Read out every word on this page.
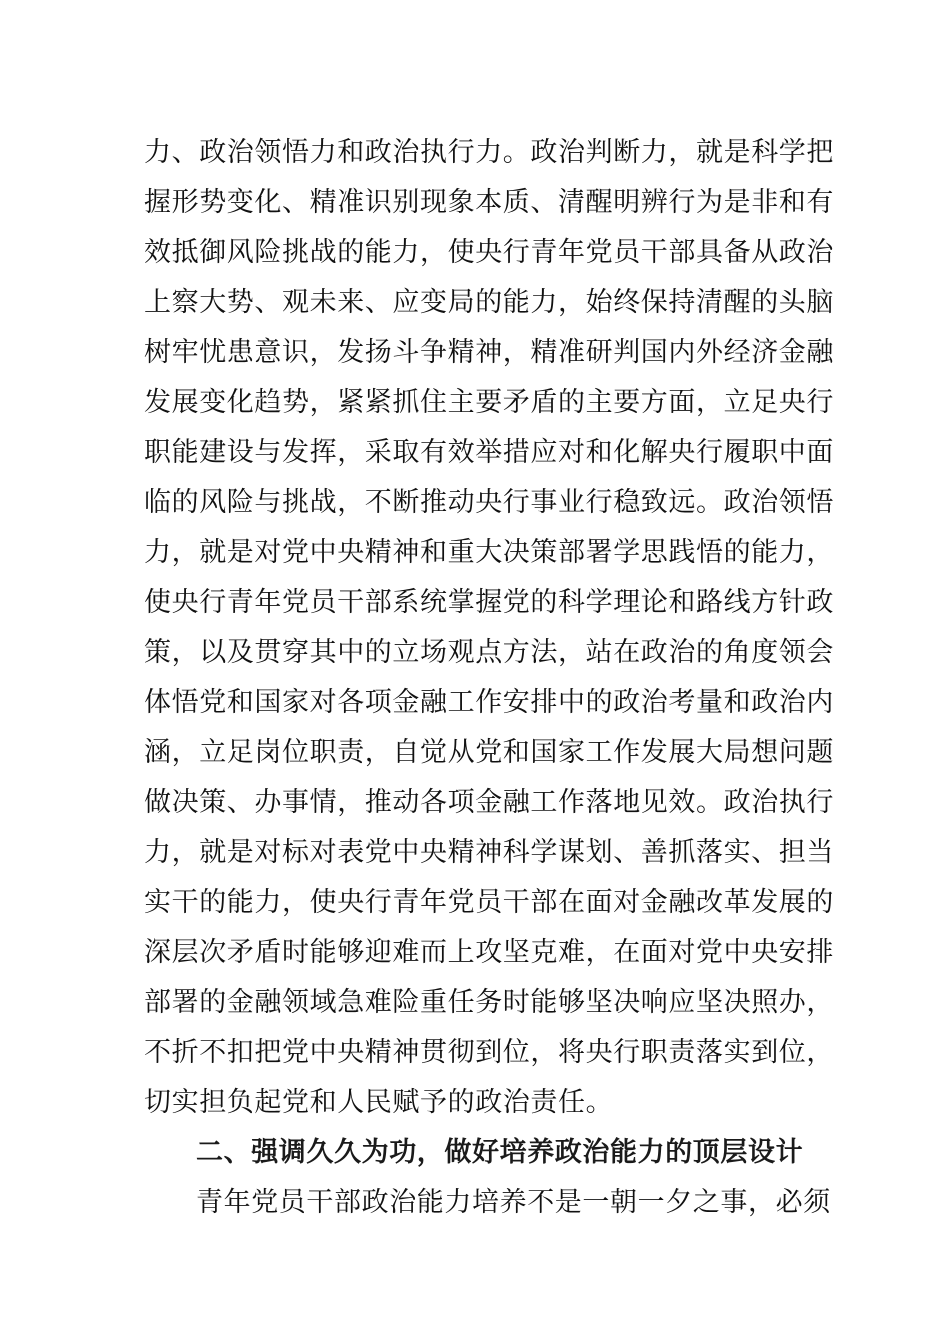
力、政治领悟力和政治执行力。政治判断力，就是科学把
握形势变化、精准识别现象本质、清醒明辨行为是非和有
效抵御风险挑战的能力，使央行青年党员干部具备从政治
上察大势、观未来、应变局的能力，始终保持清醒的头脑
树牢忧患意识，发扬斗争精神，精准研判国内外经济金融
发展变化趋势，紧紧抓住主要矛盾的主要方面，立足央行
职能建设与发挥，采取有效举措应对和化解央行履职中面
临的风险与挑战，不断推动央行事业行稳致远。政治领悟
力，就是对党中央精神和重大决策部署学思践悟的能力，
使央行青年党员干部系统掌握党的科学理论和路线方针政
策，以及贯穿其中的立场观点方法，站在政治的角度领会
体悟党和国家对各项金融工作安排中的政治考量和政治内
涵，立足岗位职责，自觉从党和国家工作发展大局想问题
做决策、办事情，推动各项金融工作落地见效。政治执行
力，就是对标对表党中央精神科学谋划、善抓落实、担当
实干的能力，使央行青年党员干部在面对金融改革发展的
深层次矛盾时能够迎难而上攻坚克难，在面对党中央安排
部署的金融领域急难险重任务时能够坚决响应坚决照办，
不折不扣把党中央精神贯彻到位，将央行职责落实到位，
切实担负起党和人民赋予的政治责任。
二、强调久久为功，做好培养政治能力的顶层设计
青年党员干部政治能力培养不是一朝一夕之事，必须
